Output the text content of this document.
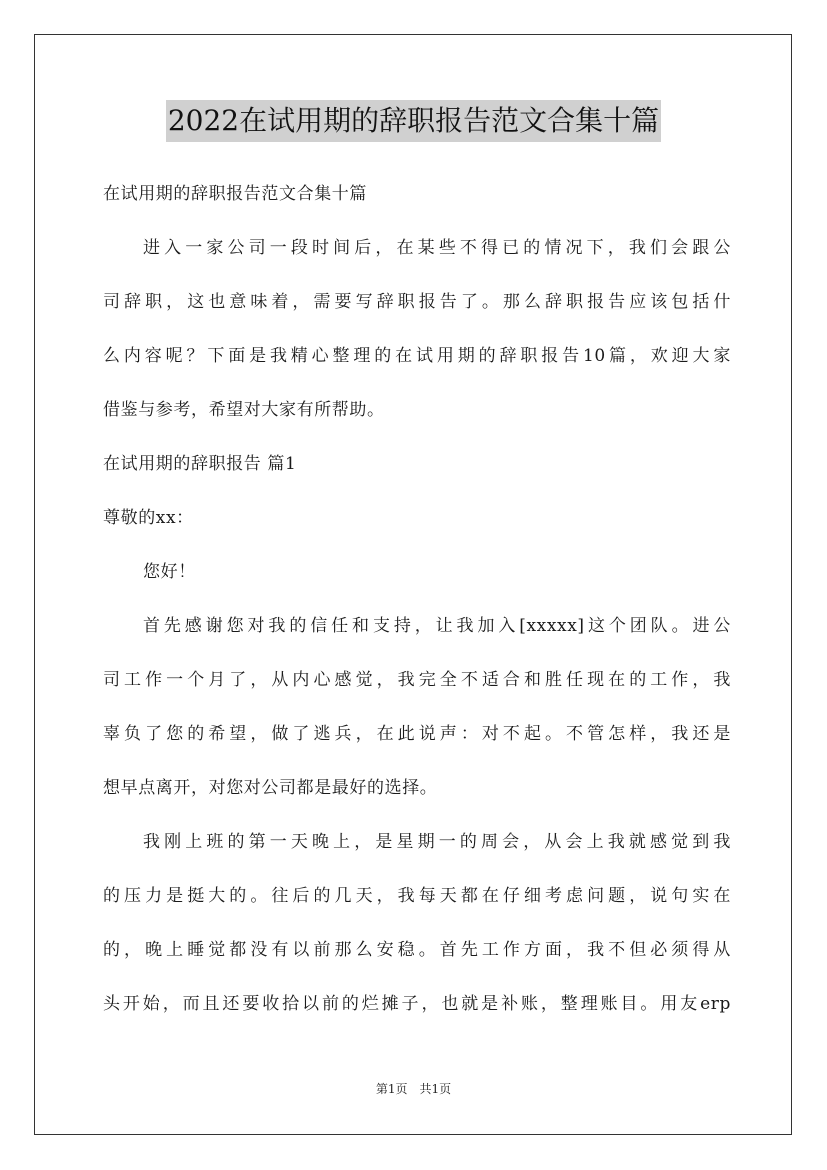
2022在试用期的辞职报告范文合集十篇
在试用期的辞职报告范文合集十篇
进入一家公司一段时间后，在某些不得已的情况下，我们会跟公
司辞职，这也意味着，需要写辞职报告了。那么辞职报告应该包括什
么内容呢？下面是我精心整理的在试用期的辞职报告10篇，欢迎大家
借鉴与参考，希望对大家有所帮助。
在试用期的辞职报告 篇1
尊敬的xx：
您好！
首先感谢您对我的信任和支持，让我加入[xxxxx]这个团队。进公
司工作一个月了，从内心感觉，我完全不适合和胜任现在的工作，我
辜负了您的希望，做了逃兵，在此说声：对不起。不管怎样，我还是
想早点离开，对您对公司都是最好的选择。
我刚上班的第一天晚上，是星期一的周会，从会上我就感觉到我
的压力是挺大的。往后的几天，我每天都在仔细考虑问题，说句实在
的，晚上睡觉都没有以前那么安稳。首先工作方面，我不但必须得从
头开始，而且还要收拾以前的烂摊子，也就是补账，整理账目。用友erp
第1页　共1页
